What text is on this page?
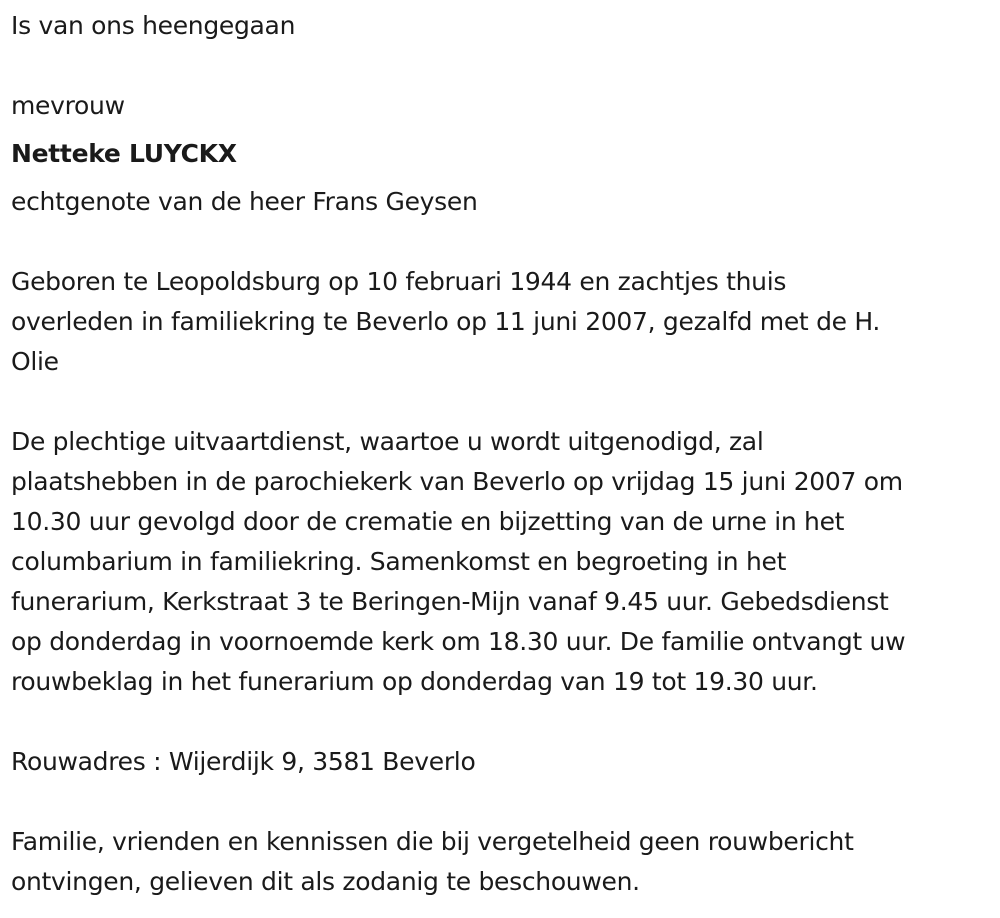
Is van ons heengegaan

mevrouw

Netteke LUYCKX

echtgenote van de heer Frans Geysen

Geboren te Leopoldsburg op 10 februari 1944 en zachtjes thuis
overleden in familiekring te Beverlo op 11 juni 2007, gezalfd met de H.
Olie

De plechtige uitvaartdienst, waartoe u wordt uitgenodigd, zal
plaatshebben in de parochiekerk van Beverlo op vrijdag 15 juni 2007 om
10.30 uur gevolgd door de crematie en bijzetting van de urne in het
columbarium in familiekring. Samenkomst en begroeting in het
funerarium, Kerkstraat 3 te Beringen-Mijn vanaf 9.45 uur. Gebedsdienst
op donderdag in voornoemde kerk om 18.30 uur. De familie ontvangt uw
rouwbeklag in het funerarium op donderdag van 19 tot 19.30 uur.

Rouwadres : Wijerdijk 9, 3581 Beverlo

Familie, vrienden en kennissen die bij vergetelheid geen rouwbericht
ontvingen, gelieven dit als zodanig te beschouwen.
